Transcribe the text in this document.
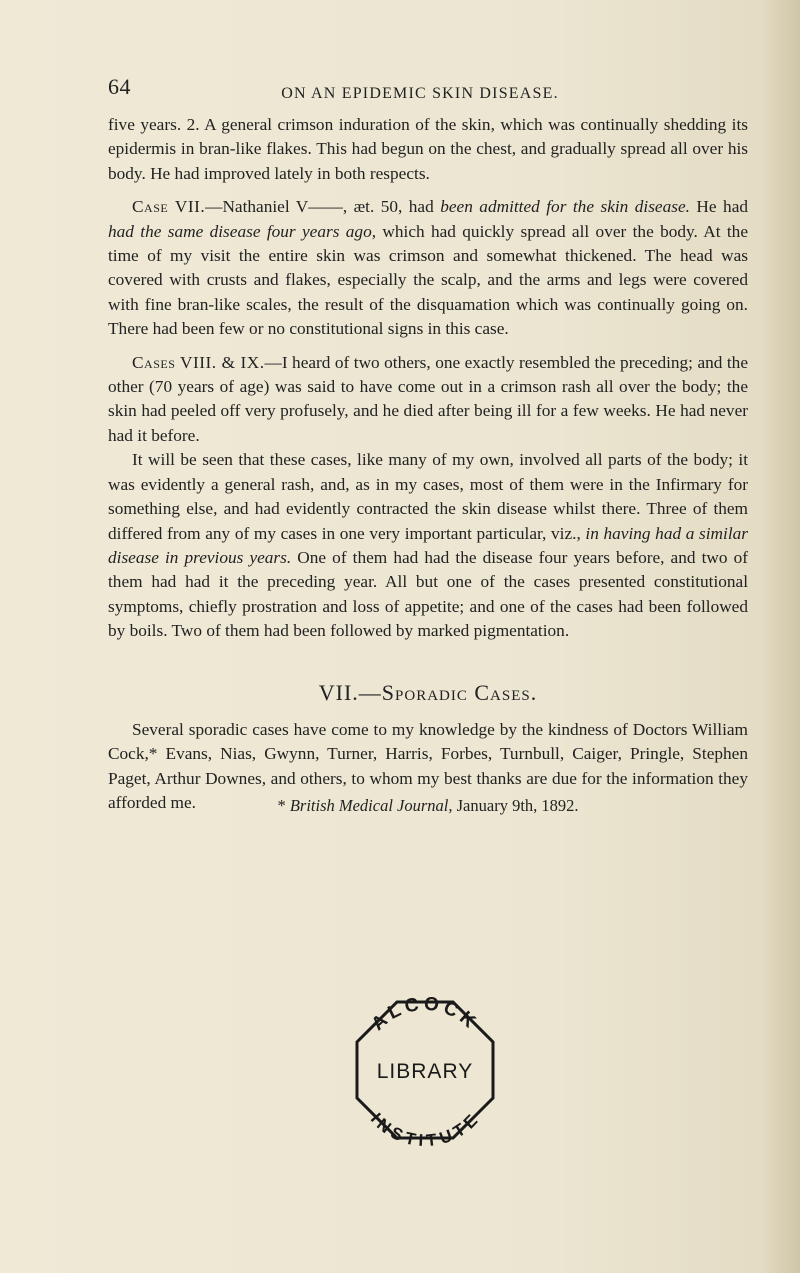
64	ON AN EPIDEMIC SKIN DISEASE.

five years. 2. A general crimson induration of the skin, which was continually shedding its epidermis in bran-like flakes. This had begun on the chest, and gradually spread all over his body. He had improved lately in both respects.

Case VII.—Nathaniel V——, æt. 50, had been admitted for the skin disease. He had had the same disease four years ago, which had quickly spread all over the body. At the time of my visit the entire skin was crimson and somewhat thickened. The head was covered with crusts and flakes, especially the scalp, and the arms and legs were covered with fine bran-like scales, the result of the disquamation which was continually going on. There had been few or no constitutional signs in this case.

Cases VIII. & IX.—I heard of two others, one exactly resembled the preceding; and the other (70 years of age) was said to have come out in a crimson rash all over the body; the skin had peeled off very profusely, and he died after being ill for a few weeks. He had never had it before.

It will be seen that these cases, like many of my own, involved all parts of the body; it was evidently a general rash, and, as in my cases, most of them were in the Infirmary for something else, and had evidently contracted the skin disease whilst there. Three of them differed from any of my cases in one very important particular, viz., in having had a similar disease in previous years. One of them had had the disease four years before, and two of them had had it the preceding year. All but one of the cases presented constitutional symptoms, chiefly prostration and loss of appetite; and one of the cases had been followed by boils. Two of them had been followed by marked pigmentation.

VII.—Sporadic Cases.

Several sporadic cases have come to my knowledge by the kindness of Doctors William Cock,* Evans, Nias, Gwynn, Turner, Harris, Forbes, Turnbull, Caiger, Pringle, Stephen Paget, Arthur Downes, and others, to whom my best thanks are due for the information they afforded me.	* British Medical Journal, January 9th, 1892.
ALCOCK
LIBRARY
INSTITUTE
